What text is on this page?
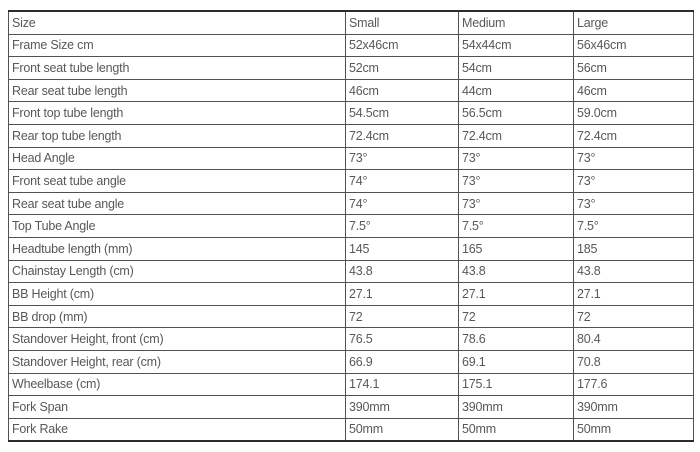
Size	Small	Medium	Large
Frame Size cm	52x46cm	54x44cm	56x46cm
Front seat tube length	52cm	54cm	56cm
Rear seat tube length	46cm	44cm	46cm
Front top tube length	54.5cm	56.5cm	59.0cm
Rear top tube length	72.4cm	72.4cm	72.4cm
Head Angle	73°	73°	73°
Front seat tube angle	74°	73°	73°
Rear seat tube angle	74°	73°	73°
Top Tube Angle	7.5°	7.5°	7.5°
Headtube length (mm)	145	165	185
Chainstay Length (cm)	43.8	43.8	43.8
BB Height (cm)	27.1	27.1	27.1
BB drop (mm)	72	72	72
Standover Height, front (cm)	76.5	78.6	80.4
Standover Height, rear (cm)	66.9	69.1	70.8
Wheelbase (cm)	174.1	175.1	177.6
Fork Span	390mm	390mm	390mm
Fork Rake	50mm	50mm	50mm
